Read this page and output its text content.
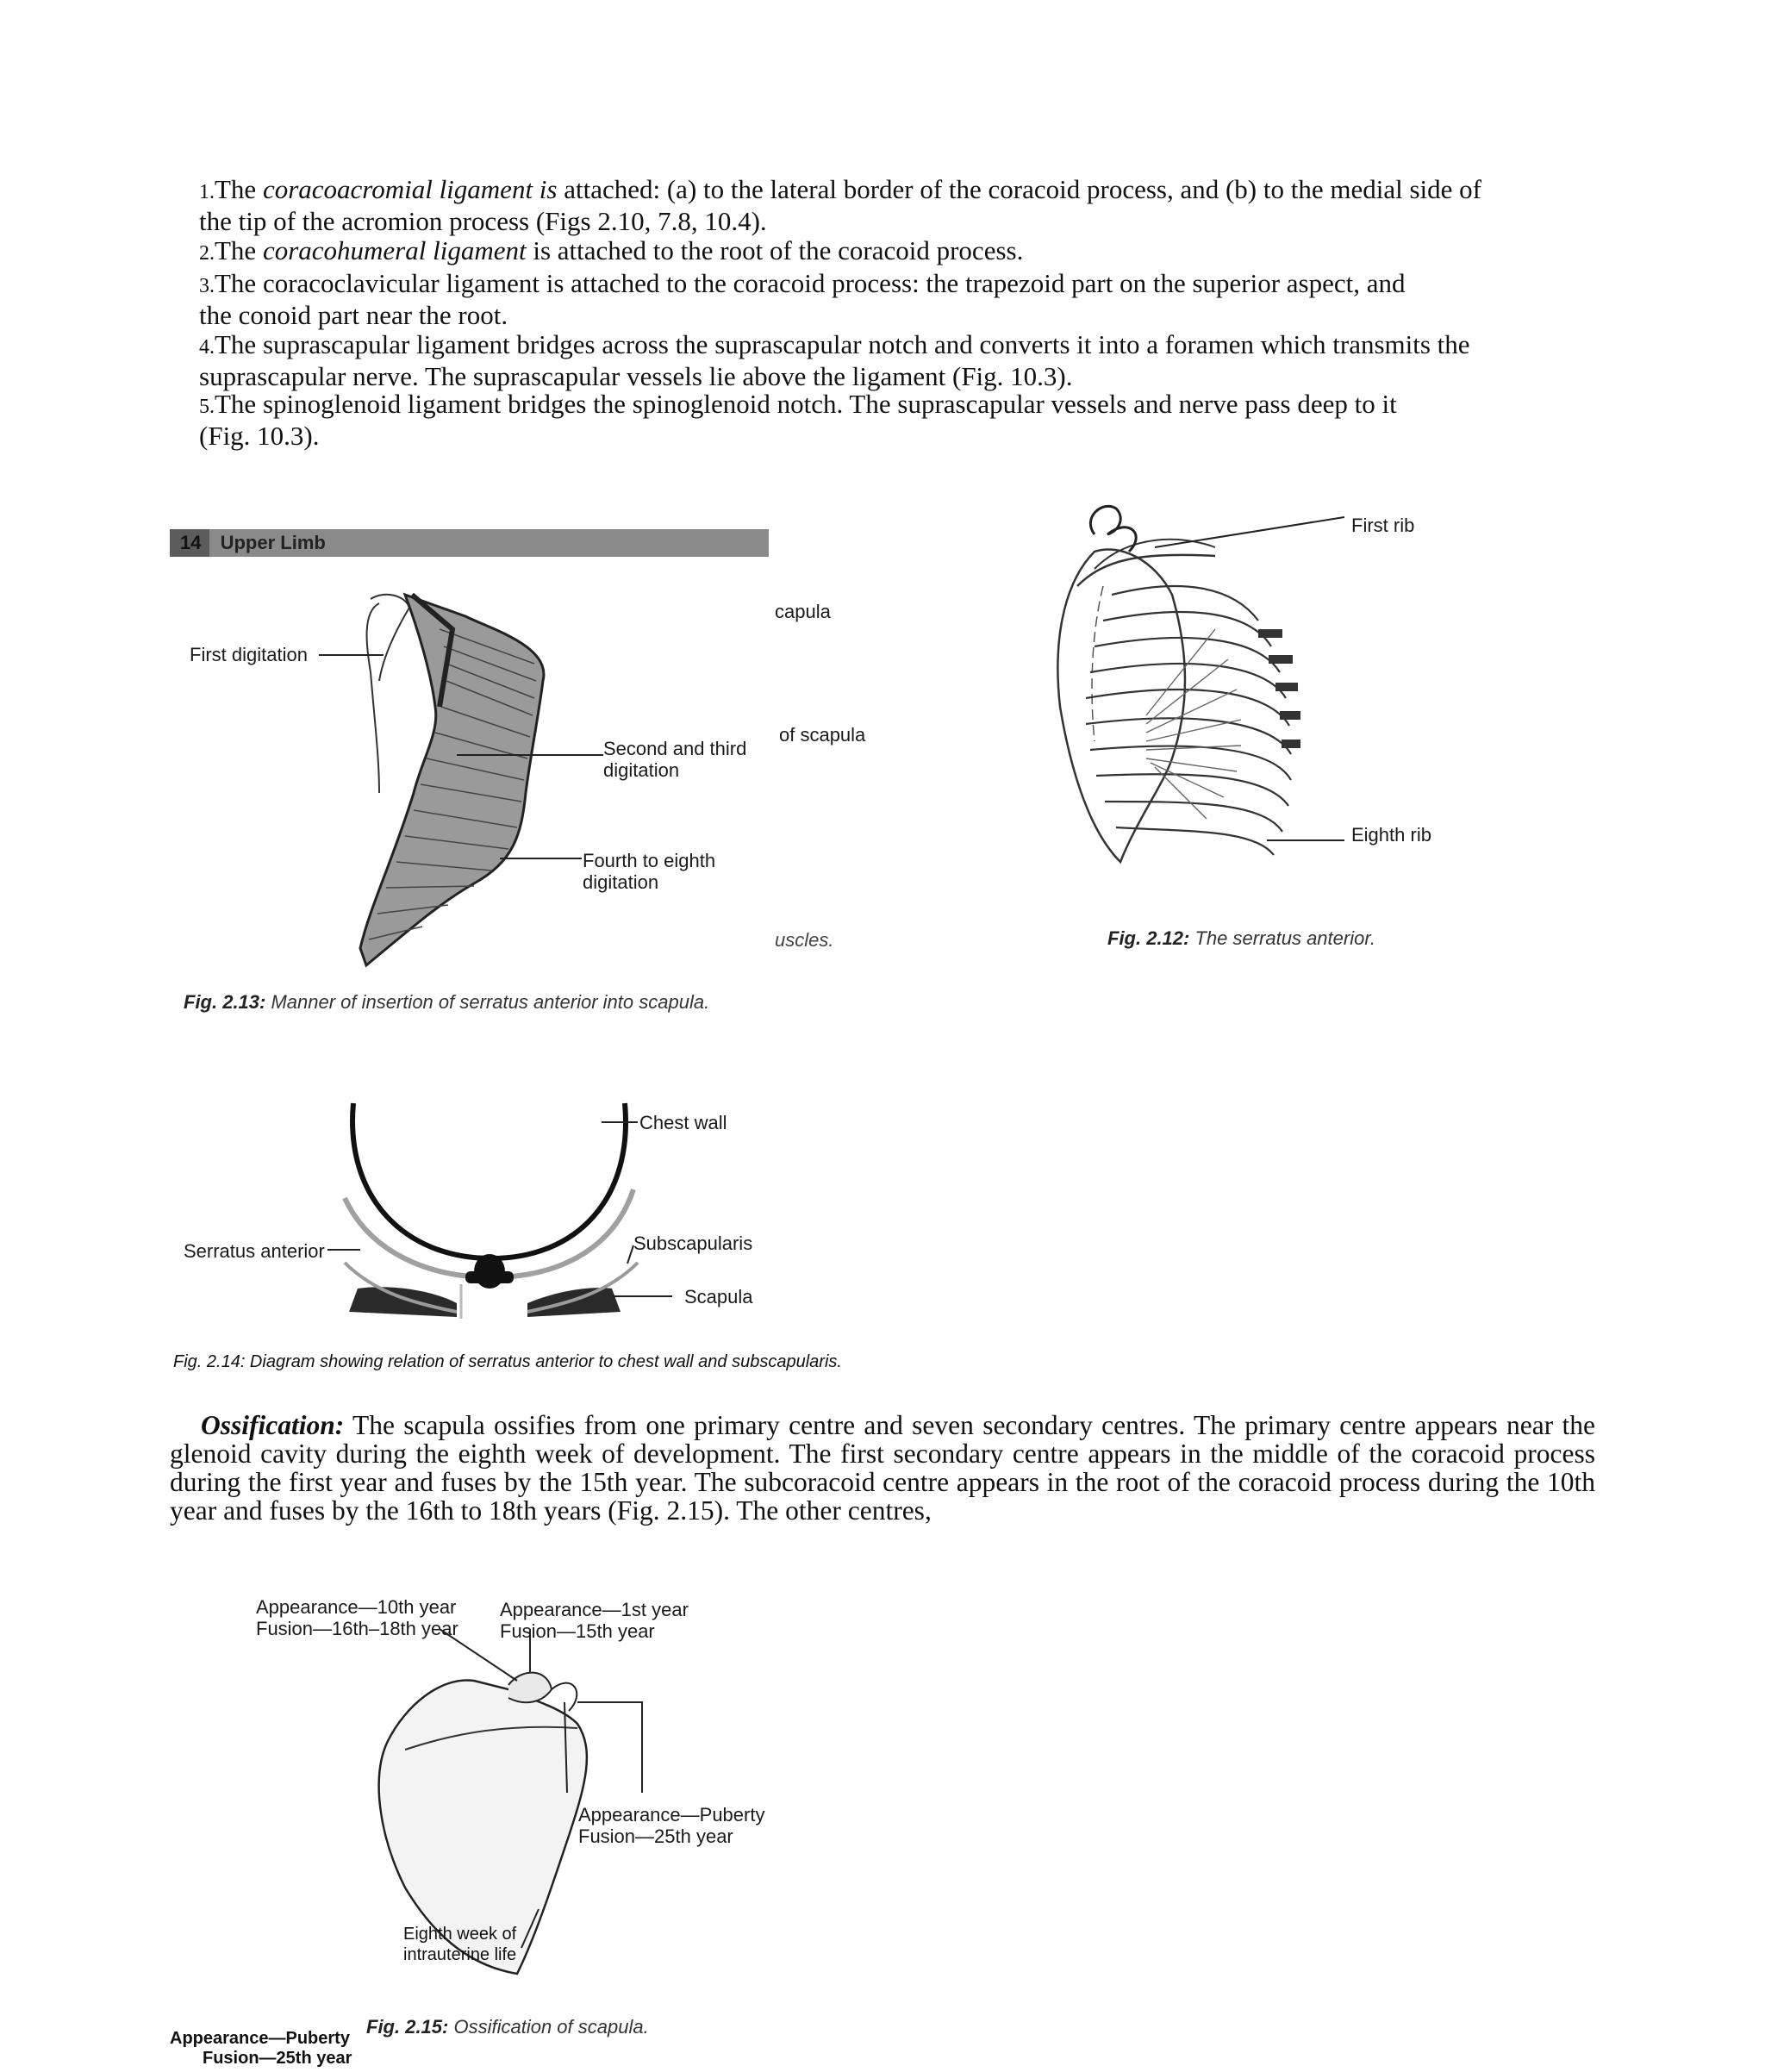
1.The coracoacromial ligament is attached: (a) to the lateral border of the coracoid process, and (b) to the medial side of
the tip of the acromion process (Figs 2.10, 7.8, 10.4).
2.The coracohumeral ligament is attached to the root of the coracoid process.
3.The coracoclavicular ligament is attached to the coracoid process: the trapezoid part on the superior aspect, and
the conoid part near the root.
4.The suprascapular ligament bridges across the suprascapular notch and converts it into a foramen which transmits the
suprascapular nerve. The suprascapular vessels lie above the ligament (Fig. 10.3).
5.The spinoglenoid ligament bridges the spinoglenoid notch. The suprascapular vessels and nerve pass deep to it
(Fig. 10.3).
14 Upper Limb
First digitation
Second and third
digitation
Fourth to eighth
digitation
capula
of scapula
uscles.
Fig. 2.13: Manner of insertion of serratus anterior into scapula.
First rib
Eighth rib
Fig. 2.12: The serratus anterior.
Chest wall
Serratus anterior	Subscapularis
Scapula
Fig. 2.14: Diagram showing relation of serratus anterior to chest wall and subscapularis.
Ossification: The scapula ossifies from one primary centre and seven secondary centres. The primary centre appears near the glenoid cavity during the eighth week of development. The first secondary centre appears in the middle of the coracoid process during the first year and fuses by the 15th year. The subcoracoid centre appears in the root of the coracoid process during the 10th year and fuses by the 16th to 18th years (Fig. 2.15). The other centres,
Appearance—10th year
Fusion—16th–18th year
Appearance—1st year
Fusion—15th year
Appearance—Puberty
Fusion—25th year
Eighth week of
intrauterine life
Fig. 2.15: Ossification of scapula.
Appearance—Puberty
Fusion—25th year
